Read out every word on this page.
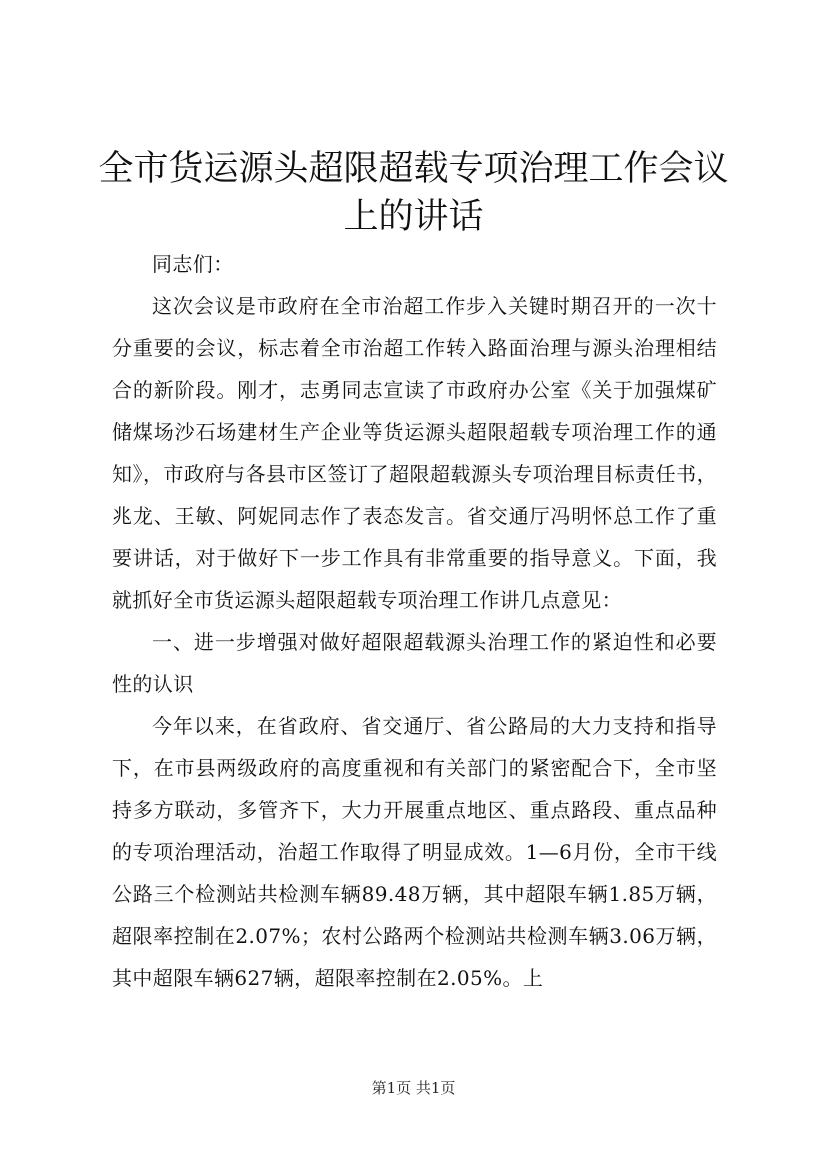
全市货运源头超限超载专项治理工作会议上的讲话

同志们：

这次会议是市政府在全市治超工作步入关键时期召开的一次十分重要的会议，标志着全市治超工作转入路面治理与源头治理相结合的新阶段。刚才，志勇同志宣读了市政府办公室《关于加强煤矿储煤场沙石场建材生产企业等货运源头超限超载专项治理工作的通知》，市政府与各县市区签订了超限超载源头专项治理目标责任书，兆龙、王敏、阿妮同志作了表态发言。省交通厅冯明怀总工作了重要讲话，对于做好下一步工作具有非常重要的指导意义。下面，我就抓好全市货运源头超限超载专项治理工作讲几点意见：

一、进一步增强对做好超限超载源头治理工作的紧迫性和必要性的认识

今年以来，在省政府、省交通厅、省公路局的大力支持和指导下，在市县两级政府的高度重视和有关部门的紧密配合下，全市坚持多方联动，多管齐下，大力开展重点地区、重点路段、重点品种的专项治理活动，治超工作取得了明显成效。1—6月份，全市干线公路三个检测站共检测车辆89.48万辆，其中超限车辆1.85万辆，超限率控制在2.07%；农村公路两个检测站共检测车辆3.06万辆，其中超限车辆627辆，超限率控制在2.05%。上

第1页 共1页
